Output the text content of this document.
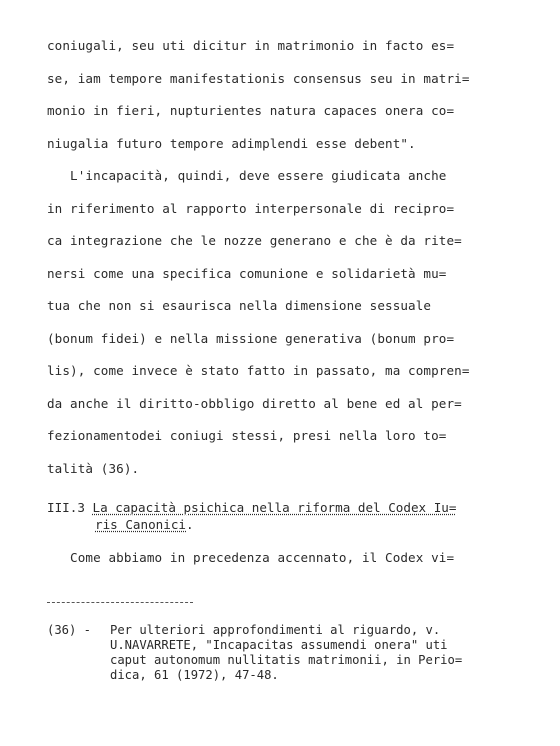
coniugali, seu uti dicitur in matrimonio in facto es=
se, iam tempore manifestationis consensus seu in matri=
monio in fieri, nupturientes natura capaces onera co=
niugalia futuro tempore adimplendi esse debent".
L'incapacità, quindi, deve essere giudicata anche
in riferimento al rapporto interpersonale di recipro=
ca integrazione che le nozze generano e che è da rite=
nersi come una specifica comunione e solidarietà mu=
tua che non si esaurisca nella dimensione sessuale
(bonum fidei) e nella missione generativa (bonum pro=
lis), come invece è stato fatto in passato, ma compren=
da anche il diritto-obbligo diretto al bene ed al per=
fezionamentodei coniugi stessi, presi nella loro to=
talità (36).
III.3 La capacità psichica nella riforma del Codex Iu=
ris Canonici.
Come abbiamo in precedenza accennato, il Codex vi=
(36) - Per ulteriori approfondimenti al riguardo, v.
U.NAVARRETE, "Incapacitas assumendi onera" uti
caput autonomum nullitatis matrimonii, in Perio=
dica, 61 (1972), 47-48.
